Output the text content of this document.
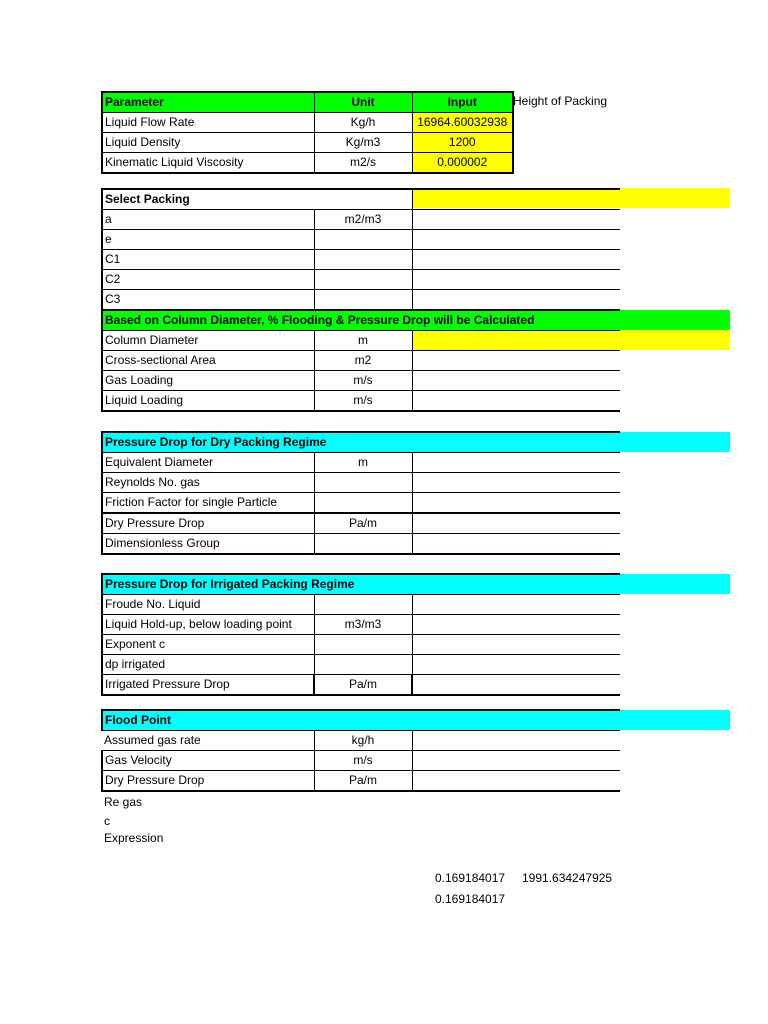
Parameter	Unit	Input
Liquid Flow Rate	Kg/h	16964.60032938
Liquid Density	Kg/m3	1200
Kinematic Liquid Viscosity	m2/s	0.000002
Height of Packing
Select Packing		
a	m2/m3	
e		
C1		
C2		
C3		
Based on Column Diameter, % Flooding & Pressure Drop will be Calculated		
Column Diameter	m	
Cross-sectional Area	m2	
Gas Loading	m/s	
Liquid Loading	m/s	
Pressure Drop for Dry Packing Regime		
Equivalent Diameter	m	
Reynolds No. gas		
Friction Factor for single Particle		
Dry Pressure Drop	Pa/m	
Dimensionless Group		
Pressure Drop for Irrigated Packing Regime		
Froude No. Liquid		
Liquid Hold-up, below loading point	m3/m3	
Exponent c		
dp irrigated		
Irrigated Pressure Drop	Pa/m	
Flood Point		
Assumed gas rate	kg/h	
Gas Velocity	m/s	
Dry Pressure Drop	Pa/m	
Re gas
c
Expression
0.169184017 1991.634247925
0.169184017
